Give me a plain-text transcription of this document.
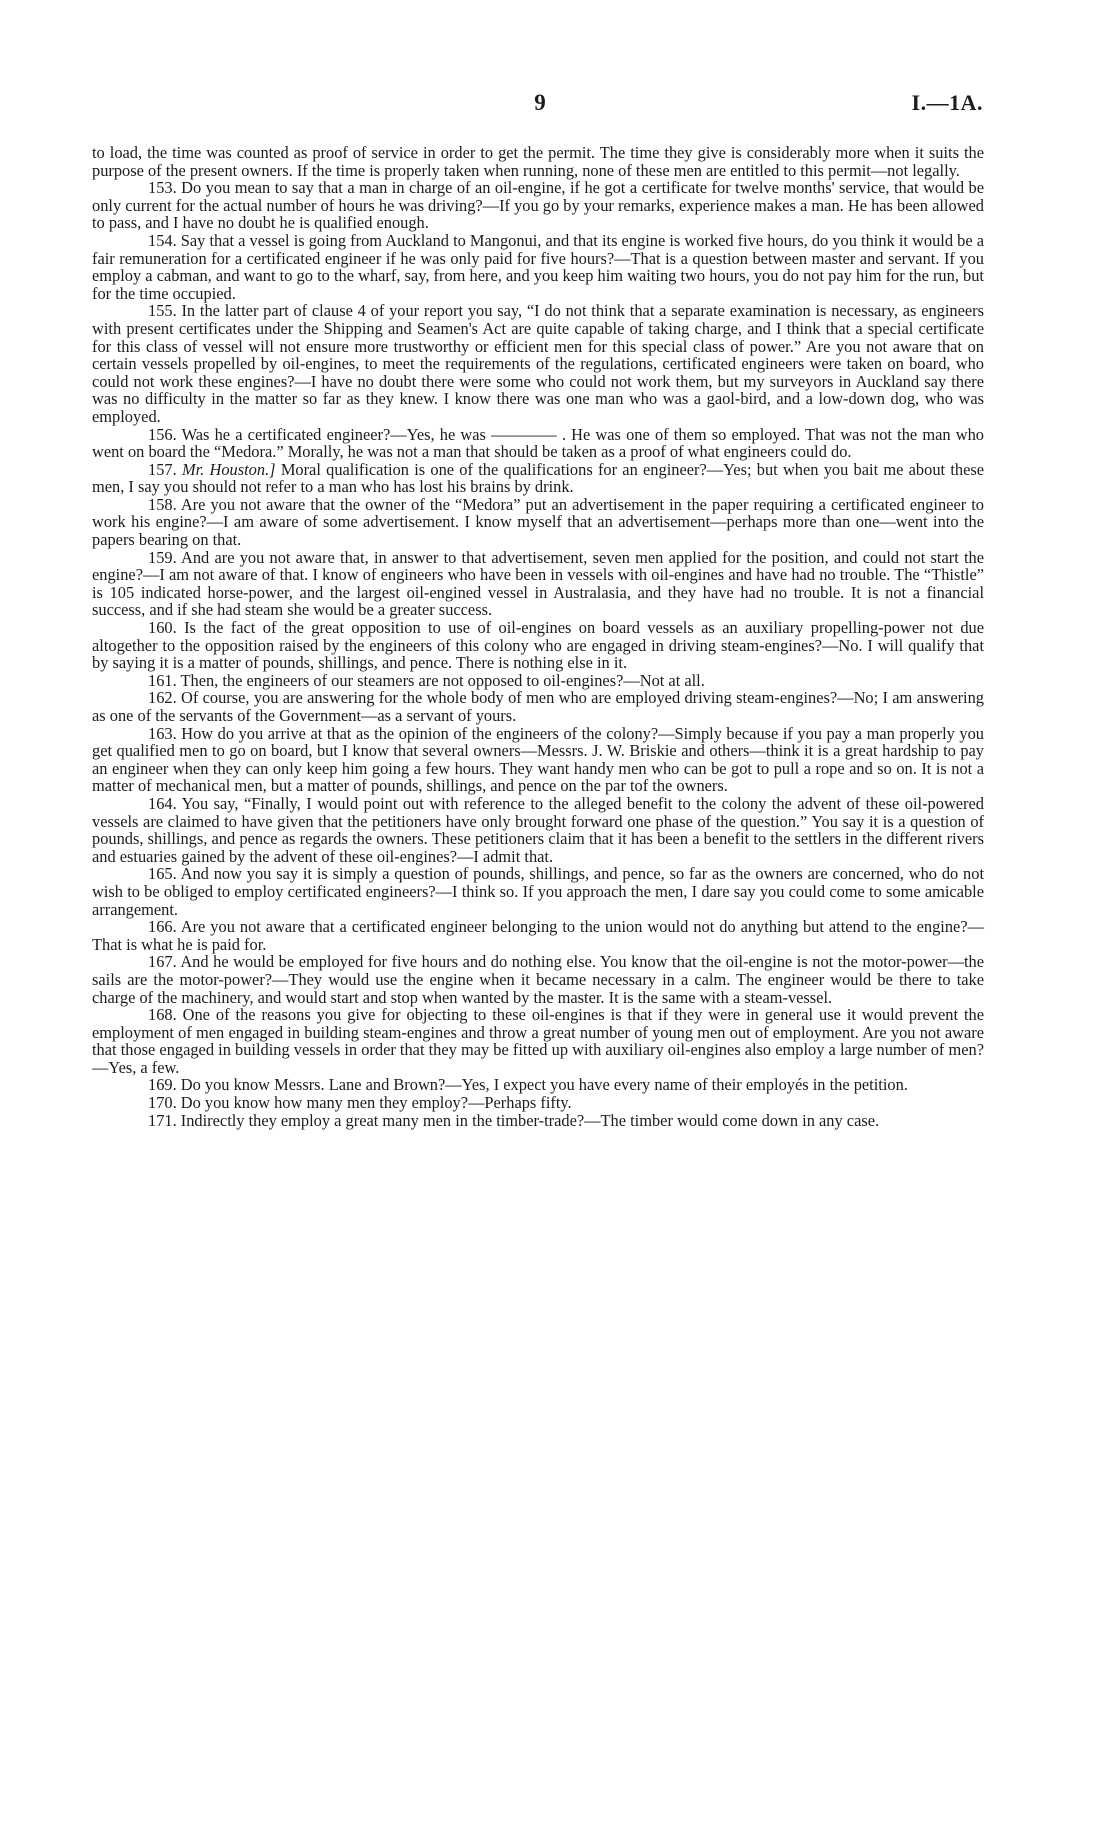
9	I.—1A.

to load, the time was counted as proof of service in order to get the permit. The time they give is considerably more when it suits the purpose of the present owners. If the time is properly taken when running, none of these men are entitled to this permit—not legally.

153. Do you mean to say that a man in charge of an oil-engine, if he got a certificate for twelve months' service, that would be only current for the actual number of hours he was driving?—If you go by your remarks, experience makes a man. He has been allowed to pass, and I have no doubt he is qualified enough.

154. Say that a vessel is going from Auckland to Mangonui, and that its engine is worked five hours, do you think it would be a fair remuneration for a certificated engineer if he was only paid for five hours?—That is a question between master and servant. If you employ a cabman, and want to go to the wharf, say, from here, and you keep him waiting two hours, you do not pay him for the run, but for the time occupied.

155. In the latter part of clause 4 of your report you say, “I do not think that a separate examination is necessary, as engineers with present certificates under the Shipping and Seamen's Act are quite capable of taking charge, and I think that a special certificate for this class of vessel will not ensure more trustworthy or efficient men for this special class of power.” Are you not aware that on certain vessels propelled by oil-engines, to meet the requirements of the regulations, certificated engineers were taken on board, who could not work these engines?—I have no doubt there were some who could not work them, but my surveyors in Auckland say there was no difficulty in the matter so far as they knew. I know there was one man who was a gaol-bird, and a low-down dog, who was employed.

156. Was he a certificated engineer?—Yes, he was ———— . He was one of them so employed. That was not the man who went on board the “Medora.” Morally, he was not a man that should be taken as a proof of what engineers could do.

157. Mr. Houston.] Moral qualification is one of the qualifications for an engineer?—Yes; but when you bait me about these men, I say you should not refer to a man who has lost his brains by drink.

158. Are you not aware that the owner of the “Medora” put an advertisement in the paper requiring a certificated engineer to work his engine?—I am aware of some advertisement. I know myself that an advertisement—perhaps more than one—went into the papers bearing on that.

159. And are you not aware that, in answer to that advertisement, seven men applied for the position, and could not start the engine?—I am not aware of that. I know of engineers who have been in vessels with oil-engines and have had no trouble. The “Thistle” is 105 indicated horse-power, and the largest oil-engined vessel in Australasia, and they have had no trouble. It is not a financial success, and if she had steam she would be a greater success.

160. Is the fact of the great opposition to use of oil-engines on board vessels as an auxiliary propelling-power not due altogether to the opposition raised by the engineers of this colony who are engaged in driving steam-engines?—No. I will qualify that by saying it is a matter of pounds, shillings, and pence. There is nothing else in it.

161. Then, the engineers of our steamers are not opposed to oil-engines?—Not at all.

162. Of course, you are answering for the whole body of men who are employed driving steam-engines?—No; I am answering as one of the servants of the Government—as a servant of yours.

163. How do you arrive at that as the opinion of the engineers of the colony?—Simply because if you pay a man properly you get qualified men to go on board, but I know that several owners—Messrs. J. W. Briskie and others—think it is a great hardship to pay an engineer when they can only keep him going a few hours. They want handy men who can be got to pull a rope and so on. It is not a matter of mechanical men, but a matter of pounds, shillings, and pence on the par tof the owners.

164. You say, “Finally, I would point out with reference to the alleged benefit to the colony the advent of these oil-powered vessels are claimed to have given that the petitioners have only brought forward one phase of the question.” You say it is a question of pounds, shillings, and pence as regards the owners. These petitioners claim that it has been a benefit to the settlers in the different rivers and estuaries gained by the advent of these oil-engines?—I admit that.

165. And now you say it is simply a question of pounds, shillings, and pence, so far as the owners are concerned, who do not wish to be obliged to employ certificated engineers?—I think so. If you approach the men, I dare say you could come to some amicable arrangement.

166. Are you not aware that a certificated engineer belonging to the union would not do anything but attend to the engine?—That is what he is paid for.

167. And he would be employed for five hours and do nothing else. You know that the oil-engine is not the motor-power—the sails are the motor-power?—They would use the engine when it became necessary in a calm. The engineer would be there to take charge of the machinery, and would start and stop when wanted by the master. It is the same with a steam-vessel.

168. One of the reasons you give for objecting to these oil-engines is that if they were in general use it would prevent the employment of men engaged in building steam-engines and throw a great number of young men out of employment. Are you not aware that those engaged in building vessels in order that they may be fitted up with auxiliary oil-engines also employ a large number of men?—Yes, a few.

169. Do you know Messrs. Lane and Brown?—Yes, I expect you have every name of their employés in the petition.

170. Do you know how many men they employ?—Perhaps fifty.

171. Indirectly they employ a great many men in the timber-trade?—The timber would come down in any case.
